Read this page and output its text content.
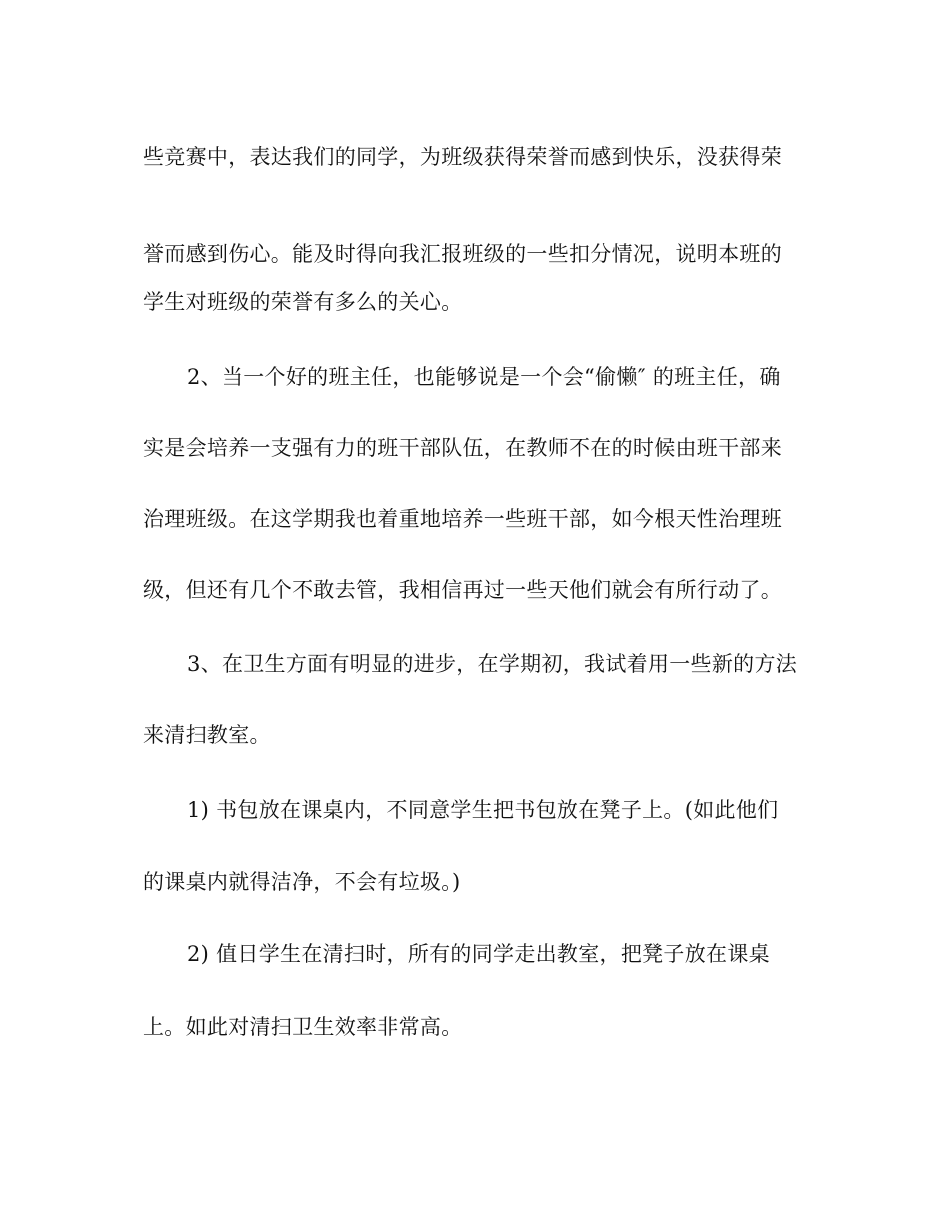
些竞赛中，表达我们的同学，为班级获得荣誉而感到快乐，没获得荣
誉而感到伤心。能及时得向我汇报班级的一些扣分情况，说明本班的
学生对班级的荣誉有多么的关心。
2、当一个好的班主任，也能够说是一个会“偷懒″ 的班主任，确
实是会培养一支强有力的班干部队伍，在教师不在的时候由班干部来
治理班级。在这学期我也着重地培养一些班干部，如今根天性治理班
级，但还有几个不敢去管，我相信再过一些天他们就会有所行动了。
3、在卫生方面有明显的进步，在学期初，我试着用一些新的方法
来清扫教室。
1) 书包放在课桌内，不同意学生把书包放在凳子上。(如此他们
的课桌内就得洁净，不会有垃圾。)
2) 值日学生在清扫时，所有的同学走出教室，把凳子放在课桌
上。如此对清扫卫生效率非常高。
